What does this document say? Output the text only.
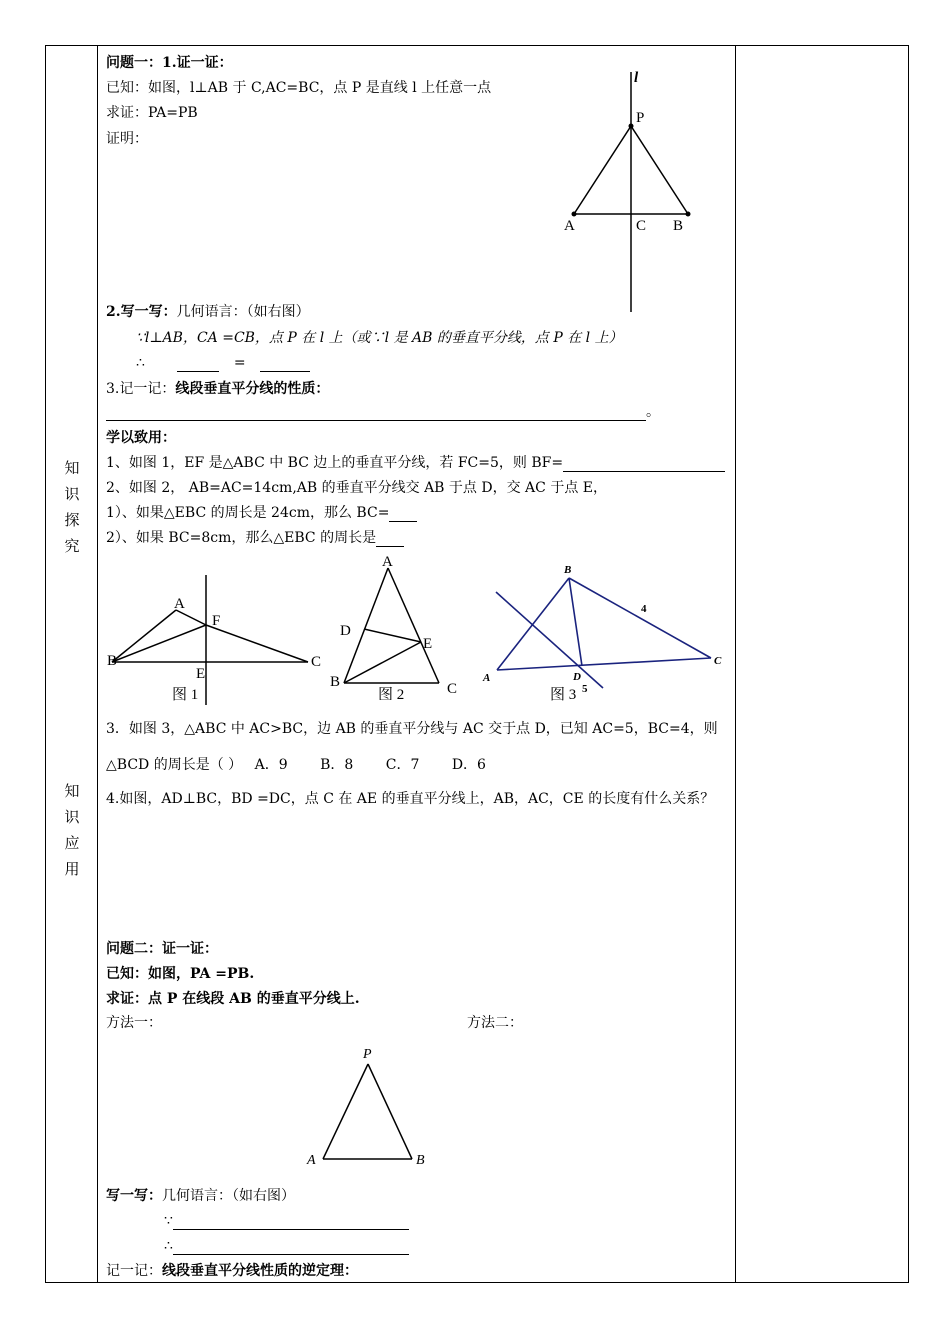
知
识
探
究
知
识
应
用
问题一：1.证一证：
已知：如图，l⊥AB 于 C,AC=BC，点 P 是直线 l 上任意一点
求证：PA=PB
证明：
l
P
A	C B
2.写一写：几何语言：（如右图）
∵l⊥AB，CA =CB，点 P 在 l 上（或∵l 是 AB 的垂直平分线，点 P 在 l 上）
∴	=
3.记一记：线段垂直平分线的性质：
。
学以致用：
1、如图 1，EF 是△ABC 中 BC 边上的垂直平分线，若 FC=5，则 BF=
2、如图 2， AB=AC=14cm,AB 的垂直平分线交 AB 于点 D，交 AC 于点 E，
1）、如果△EBC 的周长是 24cm，那么 BC=
2）、如果 BC=8cm，那么△EBC 的周长是
A
F
B	C
E
图 1
A
D
E
B	C
图 2
B
4
A
C
D
5
图 3
3．如图 3，△ABC 中 AC>BC，边 AB 的垂直平分线与 AC 交于点 D，已知 AC=5，BC=4，则
△BCD 的周长是（ ） A．9 B．8 C．7 D．6
4.如图，AD⊥BC，BD =DC，点 C 在 AE 的垂直平分线上，AB，AC，CE 的长度有什么关系？
问题二：证一证：
已知：如图，PA =PB.
求证：点 P 在线段 AB 的垂直平分线上.
方法一：	方法二：
P
A	B
写一写：几何语言：（如右图）
∵
∴
记一记：线段垂直平分线性质的逆定理：
